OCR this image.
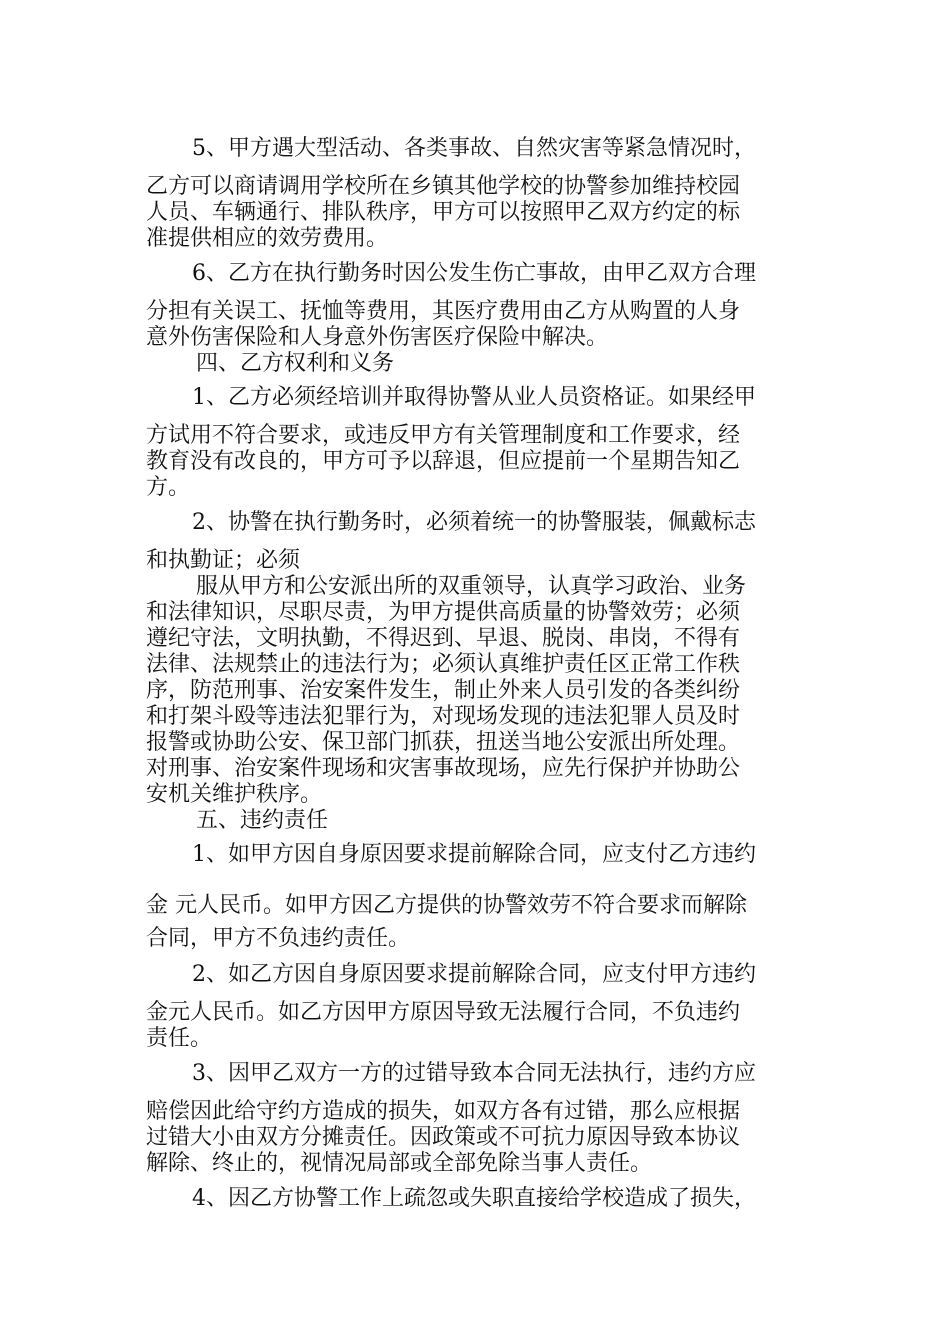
5、甲方遇大型活动、各类事故、自然灾害等紧急情况时，

乙方可以商请调用学校所在乡镇其他学校的协警参加维持校园

人员、车辆通行、排队秩序，甲方可以按照甲乙双方约定的标

准提供相应的效劳费用。

6、乙方在执行勤务时因公发生伤亡事故，由甲乙双方合理

分担有关误工、抚恤等费用，其医疗费用由乙方从购置的人身

意外伤害保险和人身意外伤害医疗保险中解决。

四、乙方权利和义务

1、乙方必须经培训并取得协警从业人员资格证。如果经甲

方试用不符合要求，或违反甲方有关管理制度和工作要求，经

教育没有改良的，甲方可予以辞退，但应提前一个星期告知乙

方。

2、协警在执行勤务时，必须着统一的协警服装，佩戴标志

和执勤证；必须

服从甲方和公安派出所的双重领导，认真学习政治、业务

和法律知识，尽职尽责，为甲方提供高质量的协警效劳；必须

遵纪守法，文明执勤，不得迟到、早退、脱岗、串岗，不得有

法律、法规禁止的违法行为；必须认真维护责任区正常工作秩

序，防范刑事、治安案件发生，制止外来人员引发的各类纠纷

和打架斗殴等违法犯罪行为，对现场发现的违法犯罪人员及时

报警或协助公安、保卫部门抓获，扭送当地公安派出所处理。

对刑事、治安案件现场和灾害事故现场，应先行保护并协助公

安机关维护秩序。

五、违约责任

1、如甲方因自身原因要求提前解除合同，应支付乙方违约

金 元人民币。如甲方因乙方提供的协警效劳不符合要求而解除

合同，甲方不负违约责任。

2、如乙方因自身原因要求提前解除合同，应支付甲方违约

金元人民币。如乙方因甲方原因导致无法履行合同，不负违约

责任。

3、因甲乙双方一方的过错导致本合同无法执行，违约方应

赔偿因此给守约方造成的损失，如双方各有过错，那么应根据

过错大小由双方分摊责任。因政策或不可抗力原因导致本协议

解除、终止的，视情况局部或全部免除当事人责任。

4、因乙方协警工作上疏忽或失职直接给学校造成了损失，
